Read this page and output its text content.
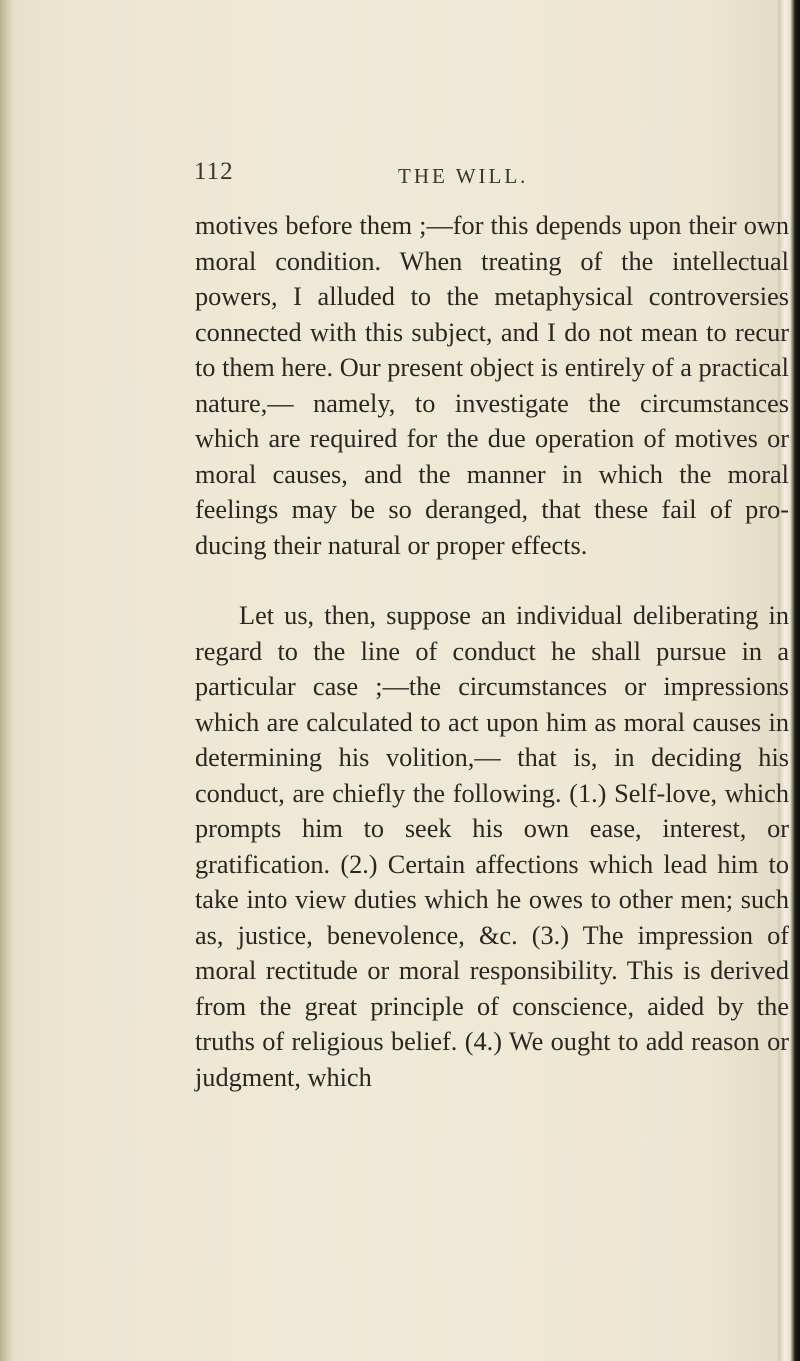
112	THE WILL.

motives before them ;—for this depends upon their own moral condition. When treating of the intellectual powers, I alluded to the metaphysical controversies connected with this subject, and I do not mean to recur to them here. Our present object is entirely of a practical nature,— namely, to investigate the circumstances which are required for the due operation of motives or moral causes, and the manner in which the moral feelings may be so deranged, that these fail of producing their natural or proper effects.

Let us, then, suppose an individual deliberating in regard to the line of conduct he shall pursue in a particular case ;—the circumstances or impressions which are calculated to act upon him as moral causes in determining his volition,— that is, in deciding his conduct, are chiefly the following. (1.) Self-love, which prompts him to seek his own ease, interest, or gratification. (2.) Certain affections which lead him to take into view duties which he owes to other men; such as, justice, benevolence, &c. (3.) The impression of moral rectitude or moral responsibility. This is derived from the great principle of conscience, aided by the truths of religious belief. (4.) We ought to add reason or judgment, which
